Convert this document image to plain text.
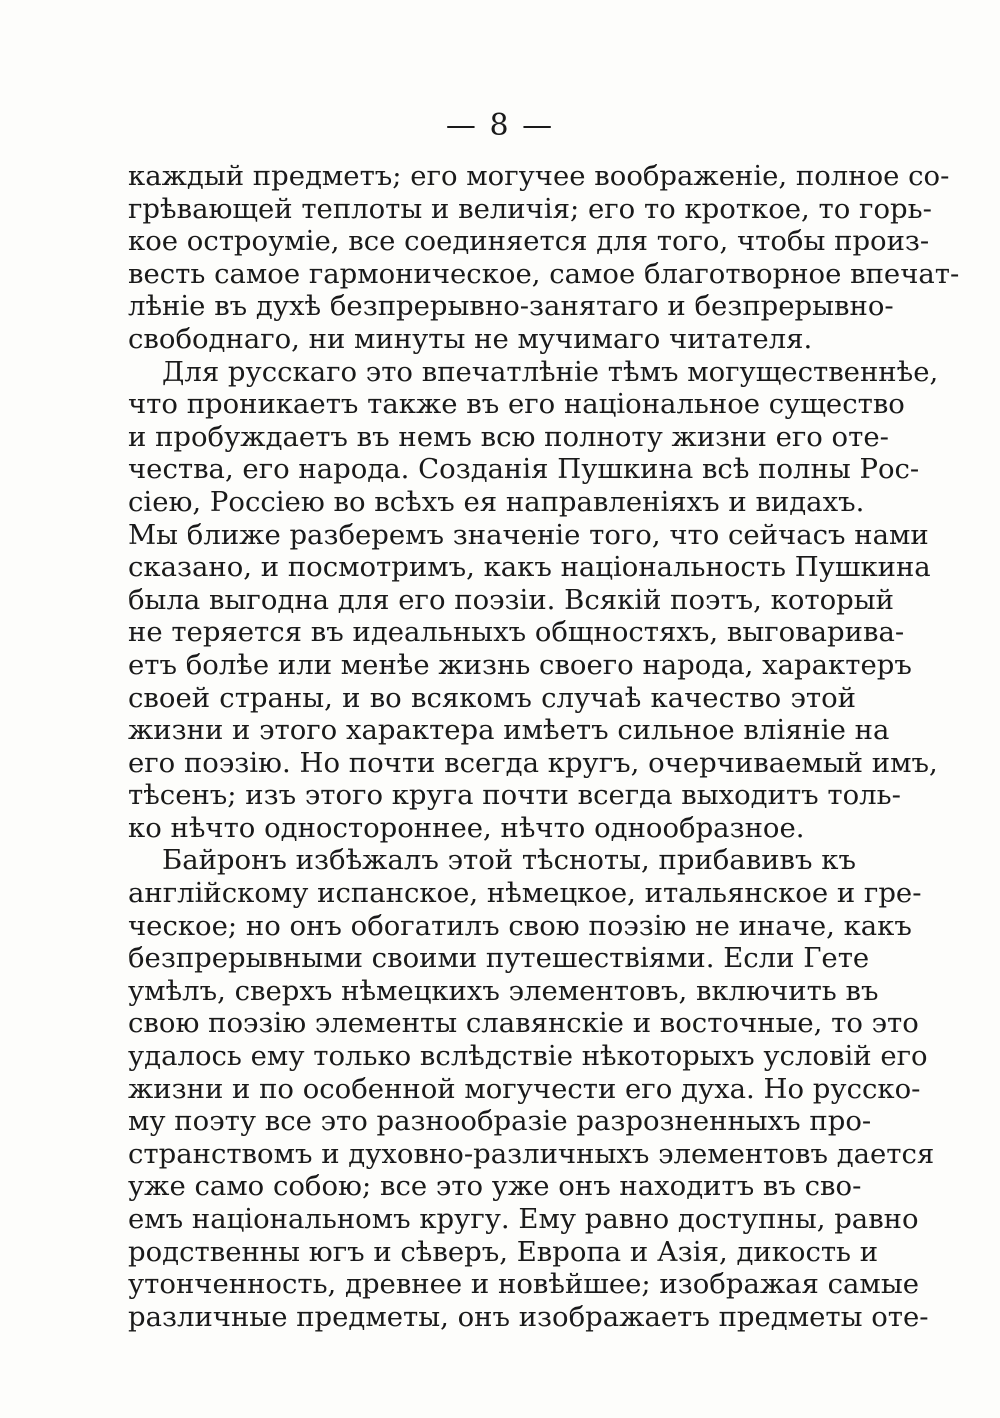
— 8 —
каждый предметъ; его могучее воображеніе, полное со-
грѣвающей теплоты и величія; его то кроткое, то горь-
кое остроуміе, все соединяется для того, чтобы произ-
весть самое гармоническое, самое благотворное впечат-
лѣніе въ духѣ безпрерывно-занятаго и безпрерывно-
свободнаго, ни минуты не мучимаго читателя.
Для русскаго это впечатлѣніе тѣмъ могущественнѣе,
что проникаетъ также въ его національное существо
и пробуждаетъ въ немъ всю полноту жизни его оте-
чества, его народа. Созданія Пушкина всѣ полны Рос-
сіею, Россіею во всѣхъ ея направленіяхъ и видахъ.
Мы ближе разберемъ значеніе того, что сейчасъ нами
сказано, и посмотримъ, какъ національность Пушкина
была выгодна для его поэзіи. Всякій поэтъ, который
не теряется въ идеальныхъ общностяхъ, выговарива-
етъ болѣе или менѣе жизнь своего народа, характеръ
своей страны, и во всякомъ случаѣ качество этой
жизни и этого характера имѣетъ сильное вліяніе на
его поэзію. Но почти всегда кругъ, очерчиваемый имъ,
тѣсенъ; изъ этого круга почти всегда выходитъ толь-
ко нѣчто одностороннее, нѣчто однообразное.
Байронъ избѣжалъ этой тѣсноты, прибавивъ къ
англійскому испанское, нѣмецкое, итальянское и гре-
ческое; но онъ обогатилъ свою поэзію не иначе, какъ
безпрерывными своими путешествіями. Если Гете
умѣлъ, сверхъ нѣмецкихъ элементовъ, включить въ
свою поэзію элементы славянскіе и восточные, то это
удалось ему только вслѣдствіе нѣкоторыхъ условій его
жизни и по особенной могучести его духа. Но русско-
му поэту все это разнообразіе разрозненныхъ про-
странствомъ и духовно-различныхъ элементовъ дается
уже само собою; все это уже онъ находитъ въ сво-
емъ національномъ кругу. Ему равно доступны, равно
родственны югъ и сѣверъ, Европа и Азія, дикость и
утонченность, древнее и новѣйшее; изображая самые
различные предметы, онъ изображаетъ предметы оте-
